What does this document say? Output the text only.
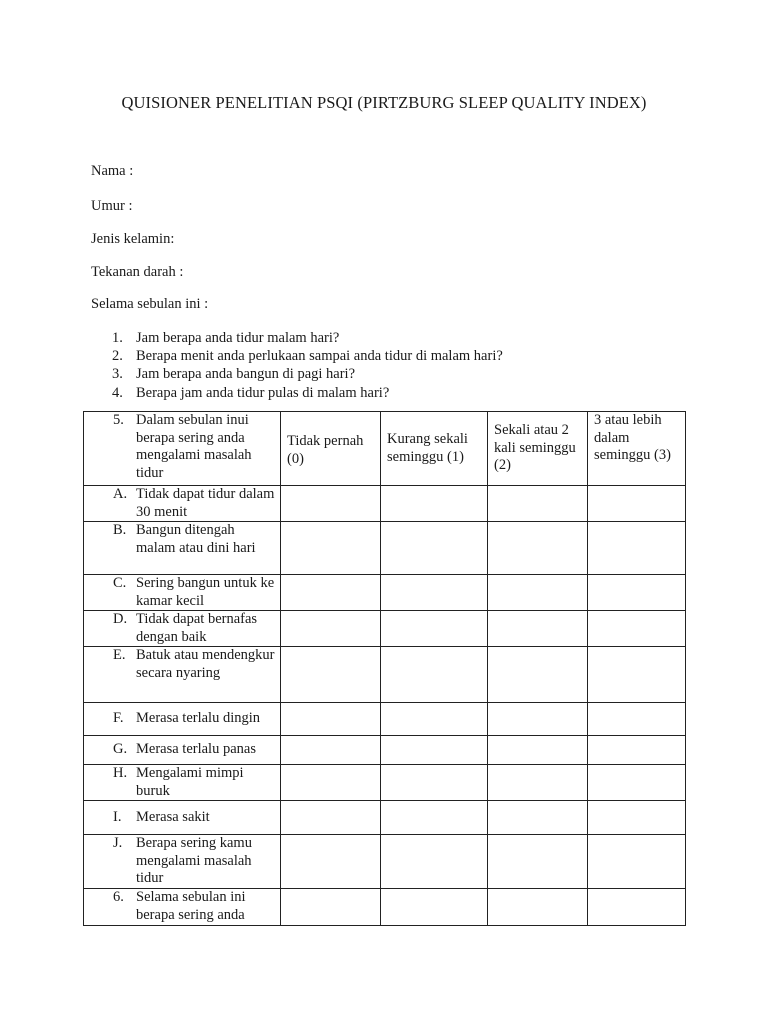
QUISIONER PENELITIAN PSQI (PIRTZBURG SLEEP QUALITY INDEX)
Nama :
Umur :
Jenis kelamin:
Tekanan darah :
Selama sebulan ini :
1. Jam berapa anda tidur malam hari?
2. Berapa menit anda perlukaan sampai anda tidur di malam hari?
3. Jam berapa anda bangun di pagi hari?
4. Berapa jam anda tidur pulas di malam hari?
5. Dalam sebulan inui berapa sering anda mengalami masalah tidur	Tidak pernah (0)	Kurang sekali seminggu (1)	Sekali atau 2 kali seminggu (2)	3 atau lebih dalam seminggu (3)

A. Tidak dapat tidur dalam 30 menit				

B. Bangun ditengah malam atau dini hari				

C. Sering bangun untuk ke kamar kecil				

D. Tidak dapat bernafas dengan baik				

E. Batuk atau mendengkur secara nyaring				

F. Merasa terlalu dingin				

G. Merasa terlalu panas				

H. Mengalami mimpi buruk				

I. Merasa sakit				

J. Berapa sering kamu mengalami masalah tidur				

6. Selama sebulan ini berapa sering anda				
